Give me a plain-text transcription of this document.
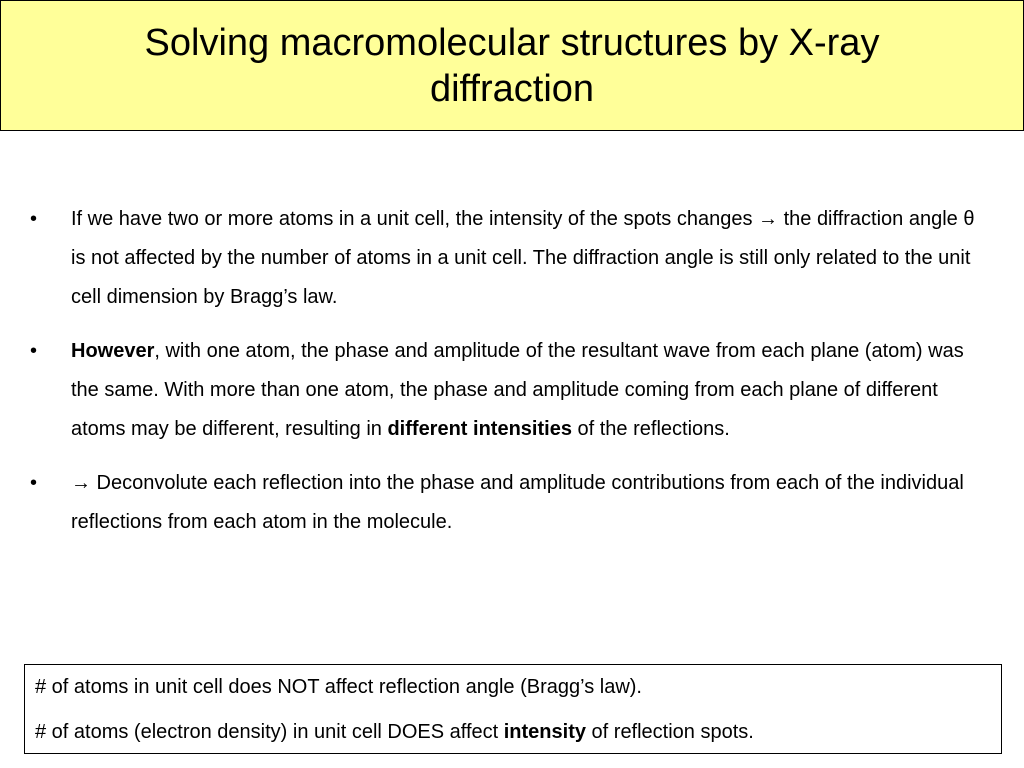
Solving macromolecular structures by X-ray
diffraction
• If we have two or more atoms in a unit cell, the intensity of the spots changes → the diffraction angle θ is not affected by the number of atoms in a unit cell. The diffraction angle is still only related to the unit cell dimension by Bragg’s law.
• However, with one atom, the phase and amplitude of the resultant wave from each plane (atom) was the same. With more than one atom, the phase and amplitude coming from each plane of different atoms may be different, resulting in different intensities of the reflections.
• → Deconvolute each reflection into the phase and amplitude contributions from each of the individual reflections from each atom in the molecule.
# of atoms in unit cell does NOT affect reflection angle (Bragg’s law).
# of atoms (electron density) in unit cell DOES affect intensity of reflection spots.
